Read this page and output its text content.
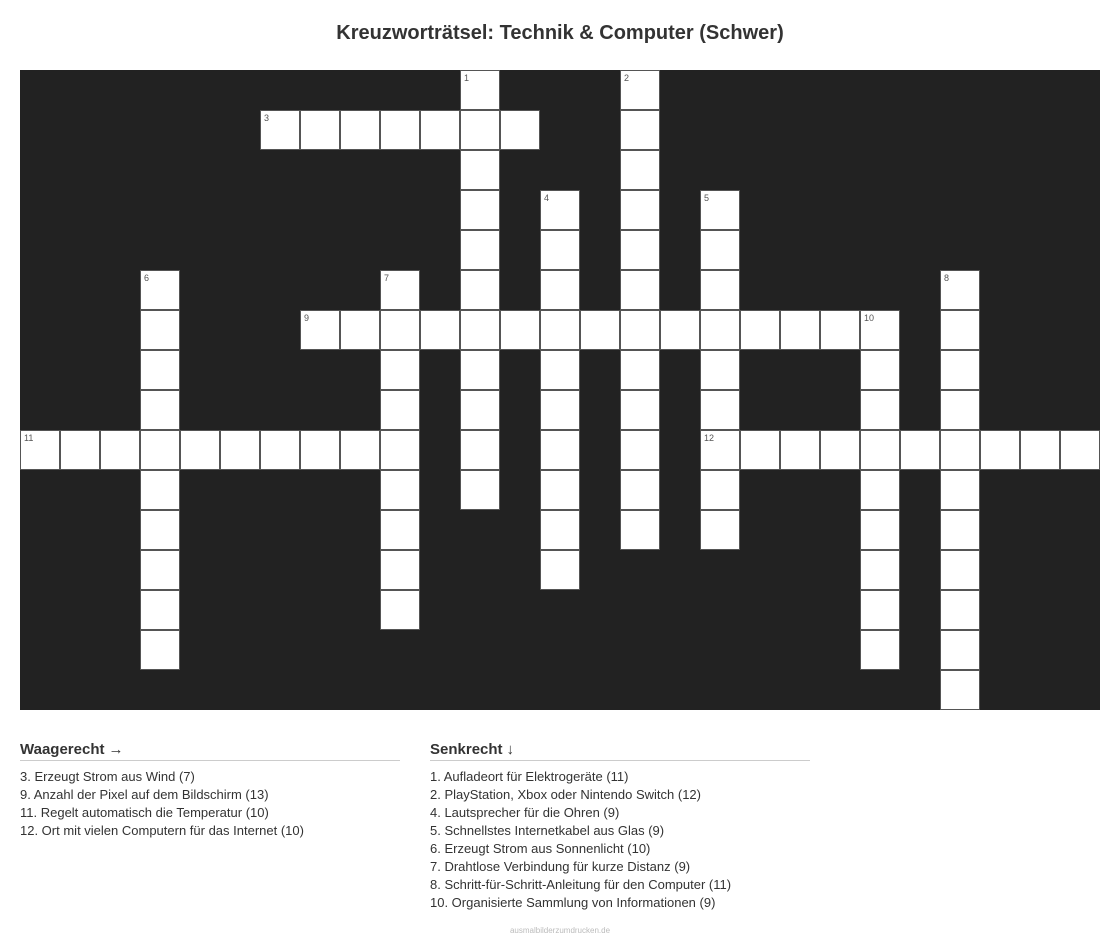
Kreuzworträtsel: Technik & Computer (Schwer)
1	2
3
4	5
6	7	8
9	10
11	12
Waagerecht →
3. Erzeugt Strom aus Wind (7)
9. Anzahl der Pixel auf dem Bildschirm (13)
11. Regelt automatisch die Temperatur (10)
12. Ort mit vielen Computern für das Internet (10)
Senkrecht ↓
1. Aufladeort für Elektrogeräte (11)
2. PlayStation, Xbox oder Nintendo Switch (12)
4. Lautsprecher für die Ohren (9)
5. Schnellstes Internetkabel aus Glas (9)
6. Erzeugt Strom aus Sonnenlicht (10)
7. Drahtlose Verbindung für kurze Distanz (9)
8. Schritt-für-Schritt-Anleitung für den Computer (11)
10. Organisierte Sammlung von Informationen (9)
ausmalbilderzumdrucken.de
